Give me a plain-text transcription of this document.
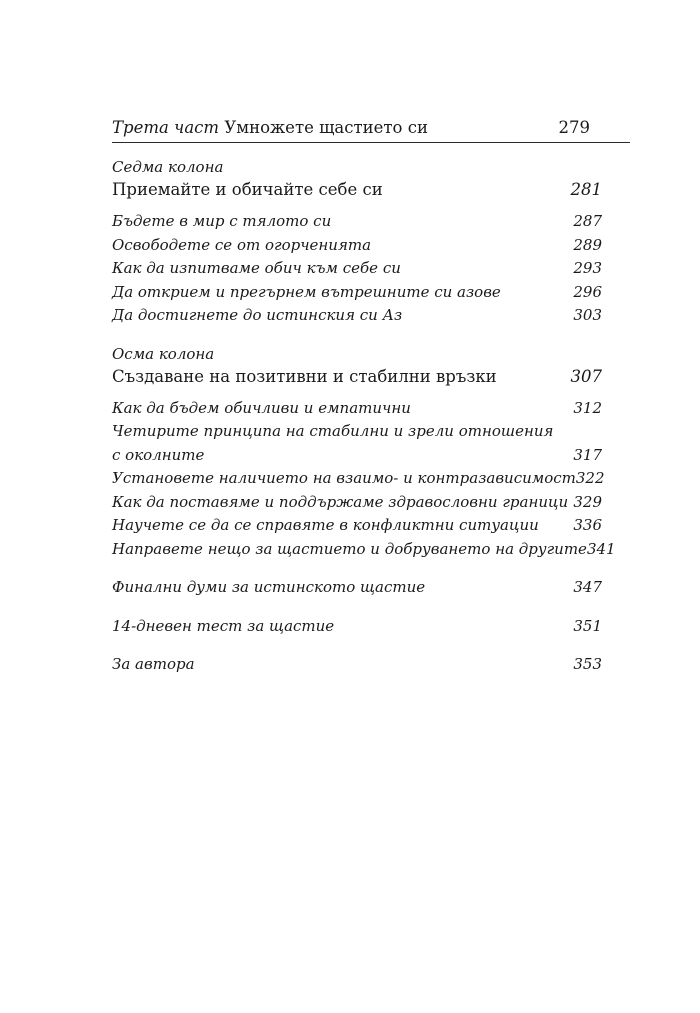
Трета част Умножете щастието си	279
Седма колона
Приемайте и обичайте себе си	281
Бъдете в мир с тялото си	287
Освободете се от огорченията	289
Как да изпитваме обич към себе си	293
Да открием и прегърнем вътрешните си азове	296
Да достигнете до истинския си Аз	303
Осма колона
Създаване на позитивни и стабилни връзки	307
Как да бъдем обичливи и емпатични	312
Четирите принципа на стабилни и зрели отношения
с околните	317
Установете наличието на взаимо- и контразависимост 322
Как да поставяме и поддържаме здравословни граници 329
Научете се да се справяте в конфликтни ситуации 336
Направете нещо за щастието и добруването на другите 341
Финални думи за истинското щастие	347
14-дневен тест за щастие	351
За автора	353
